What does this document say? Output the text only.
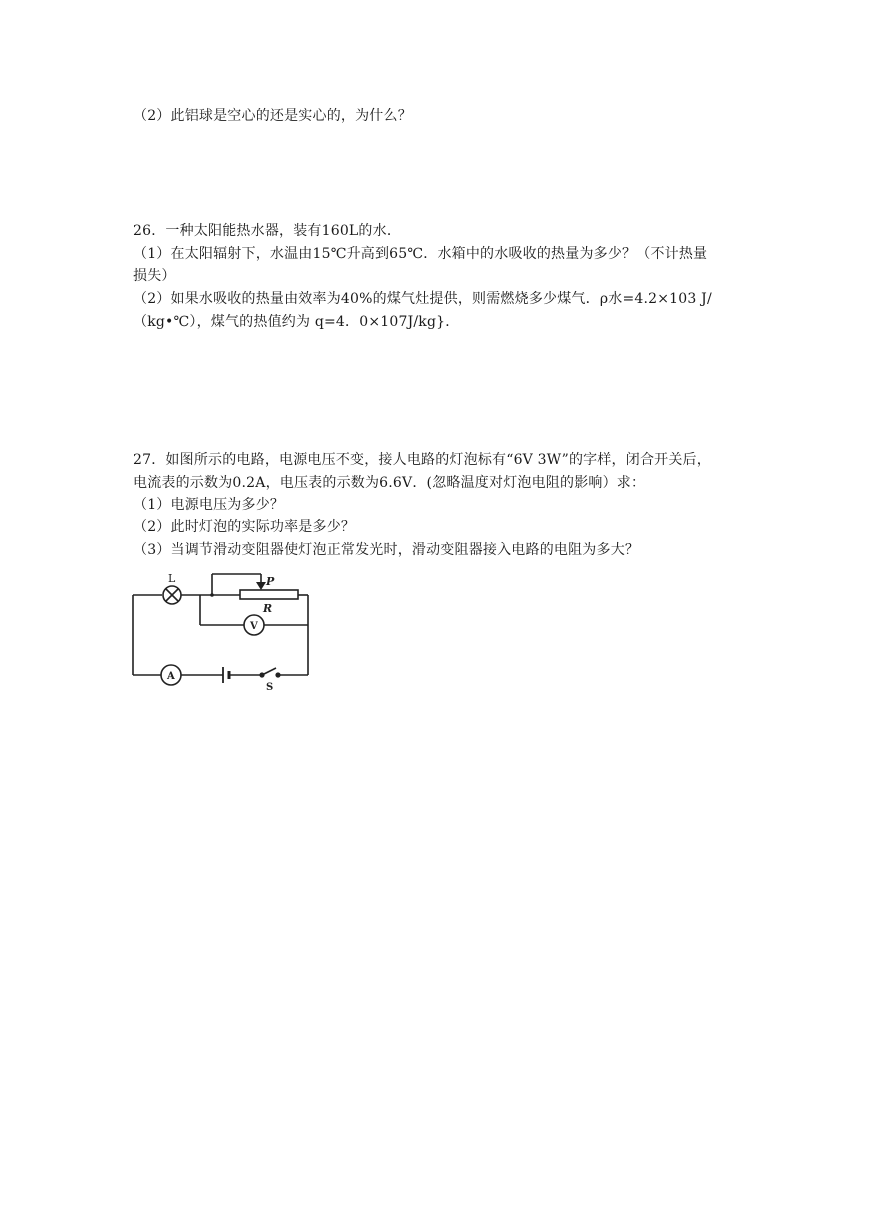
（2）此铝球是空心的还是实心的，为什么？
26．一种太阳能热水器，装有160L的水．
（1）在太阳辐射下，水温由15℃升高到65℃．水箱中的水吸收的热量为多少？（不计热量
损失）
（2）如果水吸收的热量由效率为40%的煤气灶提供，则需燃烧多少煤气．ρ水=4.2×103 J/
（kg•℃），煤气的热值约为 q=4．0×107J/kg}．
27．如图所示的电路，电源电压不变，接人电路的灯泡标有“6V 3W”的字样，闭合开关后，
电流表的示数为0.2A，电压表的示数为6.6V．(忽略温度对灯泡电阻的影响）求：
（1）电源电压为多少？
（2）此时灯泡的实际功率是多少？
（3）当调节滑动变阻器使灯泡正常发光时，滑动变阻器接入电路的电阻为多大？
L	P
R
V
A
S
